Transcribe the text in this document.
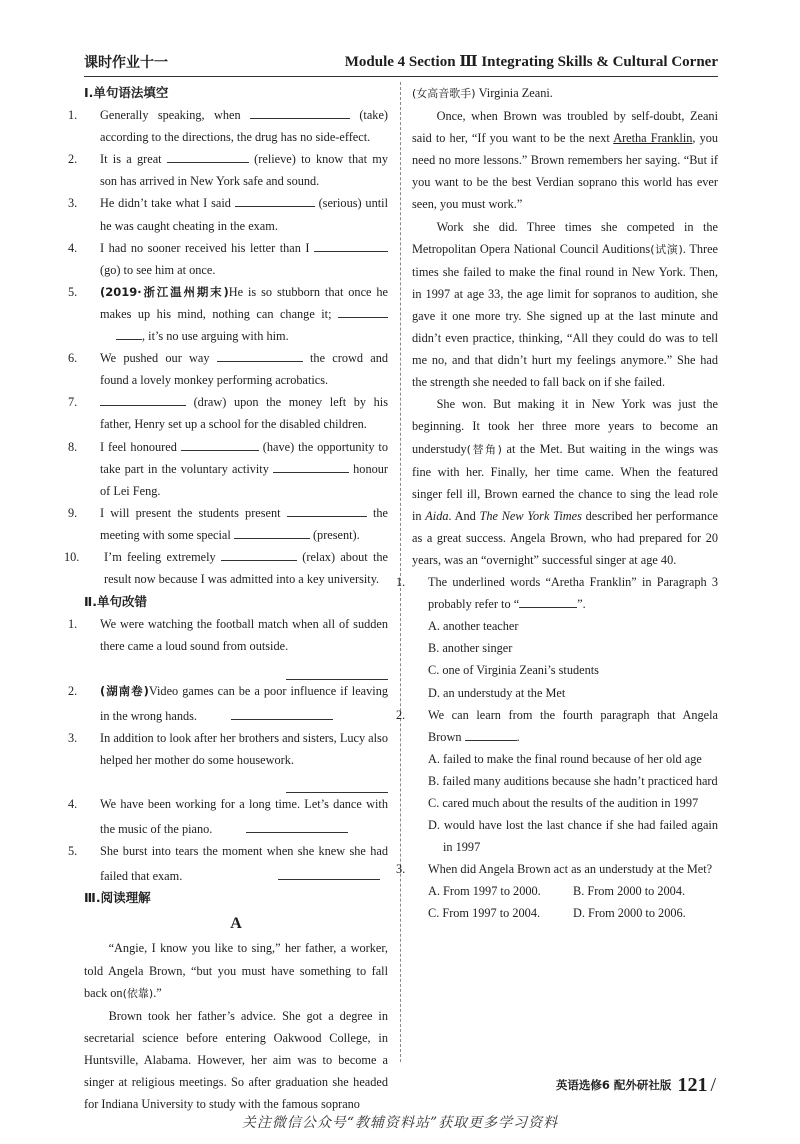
课时作业十一	Module 4 Section Ⅲ Integrating Skills & Cultural Corner
Ⅰ.单句语法填空
1. Generally speaking, when	(take) according to the directions, the drug has no side-effect.
2. It is a great	(relieve) to know that my son has arrived in New York safe and sound.
3. He didn’t take what I said	(serious) until he was caught cheating in the exam.
4. I had no sooner received his letter than I  (go) to see him at once.
5. (2019·浙江温州期末)He is so stubborn that once he makes up his mind, nothing can change it; , it’s no use arguing with him.
6. We pushed our way	the crowd and found a lovely monkey performing acrobatics.
7.	(draw) upon the money left by his father, Henry set up a school for the disabled children.
8. I feel honoured	(have) the opportunity to take part in the voluntary activity	honour of Lei Feng.
9. I will present the students present	the meeting with some special	(present).
10. I’m feeling extremely	(relax) about the result now because I was admitted into a key university.
Ⅱ.单句改错
1. We were watching the football match when all of sudden there came a loud sound from outside.
2. (湖南卷)Video games can be a poor influence if leaving in the wrong hands.
3. In addition to look after her brothers and sisters, Lucy also helped her mother do some housework.
4. We have been working for a long time. Let’s dance with the music of the piano.
5. She burst into tears the moment when she knew she had failed that exam.
Ⅲ.阅读理解
A
“Angie, I know you like to sing,” her father, a worker, told Angela Brown, “but you must have something to fall back on(依靠).”
Brown took her father’s advice. She got a degree in secretarial science before entering Oakwood College, in Huntsville, Alabama. However, her aim was to become a singer at religious meetings. So after graduation she headed for Indiana University to study with the famous soprano
(女高音歌手) Virginia Zeani.
Once, when Brown was troubled by self-doubt, Zeani said to her, “If you want to be the next Aretha Franklin, you need no more lessons.” Brown remembers her saying. “But if you want to be the best Verdian soprano this world has ever seen, you must work.”
Work she did. Three times she competed in the Metropolitan Opera National Council Auditions(试演). Three times she failed to make the final round in New York. Then, in 1997 at age 33, the age limit for sopranos to audition, she gave it one more try. She signed up at the last minute and didn’t even practice, thinking, “All they could do was to tell me no, and that didn’t hurt my feelings anymore.” She had the strength she needed to fall back on if she failed.
She won. But making it in New York was just the beginning. It took her three more years to become an understudy(替角) at the Met. But waiting in the wings was fine with her. Finally, her time came. When the featured singer fell ill, Brown earned the chance to sing the lead role in Aida. And The New York Times described her performance as a great success. Angela Brown, who had prepared for 20 years, was an “overnight” successful singer at age 40.
1. The underlined words “Aretha Franklin” in Paragraph 3 probably refer to “	”.
A. another teacher
B. another singer
C. one of Virginia Zeani’s students
D. an understudy at the Met
2. We can learn from the fourth paragraph that Angela Brown	.
A. failed to make the final round because of her old age
B. failed many auditions because she hadn’t practiced hard
C. cared much about the results of the audition in 1997
D. would have lost the last chance if she had failed again in 1997
3. When did Angela Brown act as an understudy at the Met?
A. From 1997 to 2000.	B. From 2000 to 2004.
C. From 1997 to 2004.	D. From 2000 to 2006.
英语选修6 配外研社版 121 /
关注微信公众号“教辅资料站”获取更多学习资料
